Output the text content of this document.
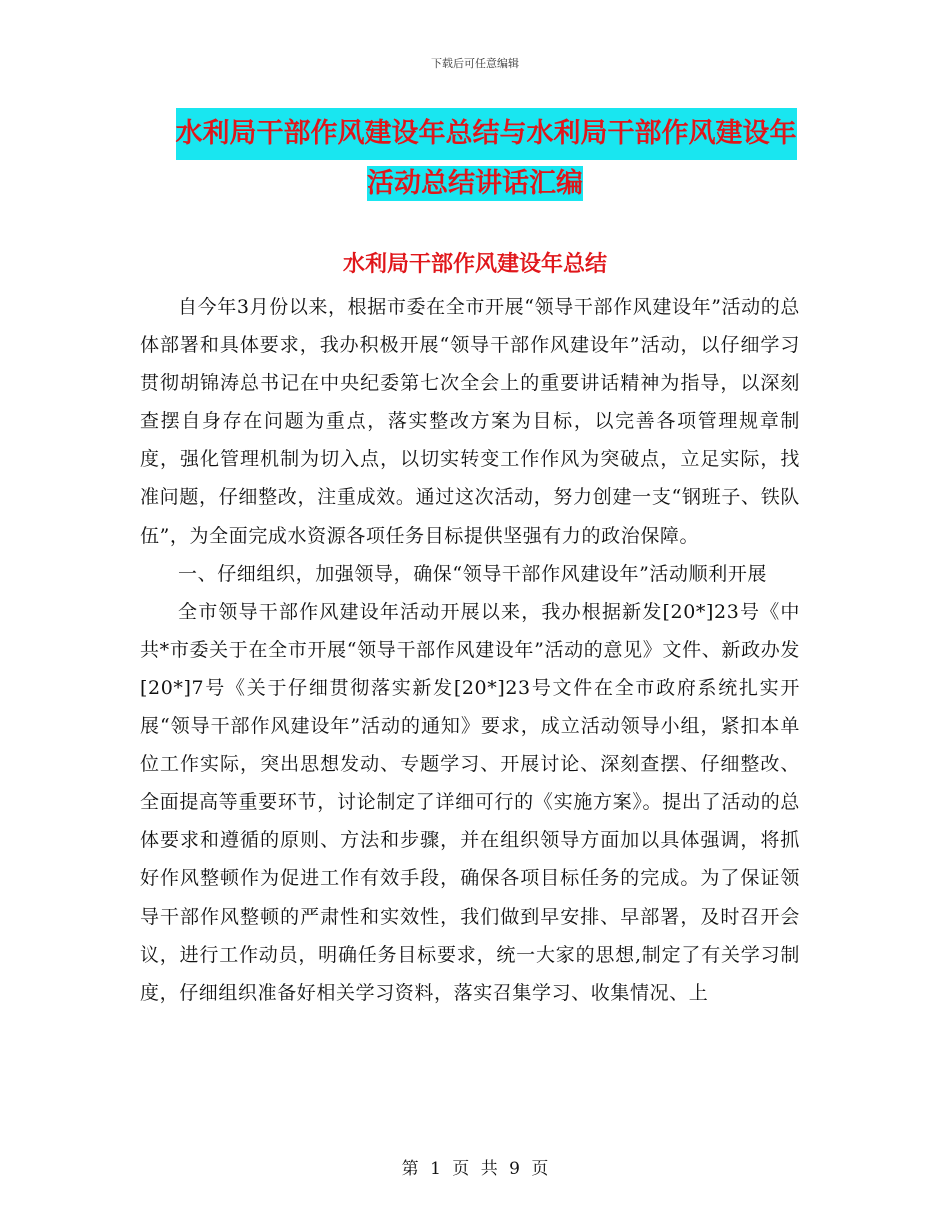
下载后可任意编辑
水利局干部作风建设年总结与水利局干部作风建设年
活动总结讲话汇编
水利局干部作风建设年总结

自今年3月份以来，根据市委在全市开展“领导干部作风建设年”活动的总体部署和具体要求，我办积极开展“领导干部作风建设年”活动，以仔细学习贯彻胡锦涛总书记在中央纪委第七次全会上的重要讲话精神为指导，以深刻查摆自身存在问题为重点，落实整改方案为目标，以完善各项管理规章制度，强化管理机制为切入点，以切实转变工作作风为突破点，立足实际，找准问题，仔细整改，注重成效。通过这次活动，努力创建一支“钢班子、铁队伍”，为全面完成水资源各项任务目标提供坚强有力的政治保障。

一、仔细组织，加强领导，确保“领导干部作风建设年”活动顺利开展

全市领导干部作风建设年活动开展以来，我办根据新发[20*]23号《中共*市委关于在全市开展“领导干部作风建设年”活动的意见》文件、新政办发[20*]7号《关于仔细贯彻落实新发[20*]23号文件在全市政府系统扎实开展“领导干部作风建设年”活动的通知》要求，成立活动领导小组，紧扣本单位工作实际，突出思想发动、专题学习、开展讨论、深刻查摆、仔细整改、全面提高等重要环节，讨论制定了详细可行的《实施方案》。提出了活动的总体要求和遵循的原则、方法和步骤，并在组织领导方面加以具体强调，将抓好作风整顿作为促进工作有效手段，确保各项目标任务的完成。为了保证领导干部作风整顿的严肃性和实效性，我们做到早安排、早部署，及时召开会议，进行工作动员，明确任务目标要求，统一大家的思想,制定了有关学习制度，仔细组织准备好相关学习资料，落实召集学习、收集情况、上

第 1 页 共 9 页
